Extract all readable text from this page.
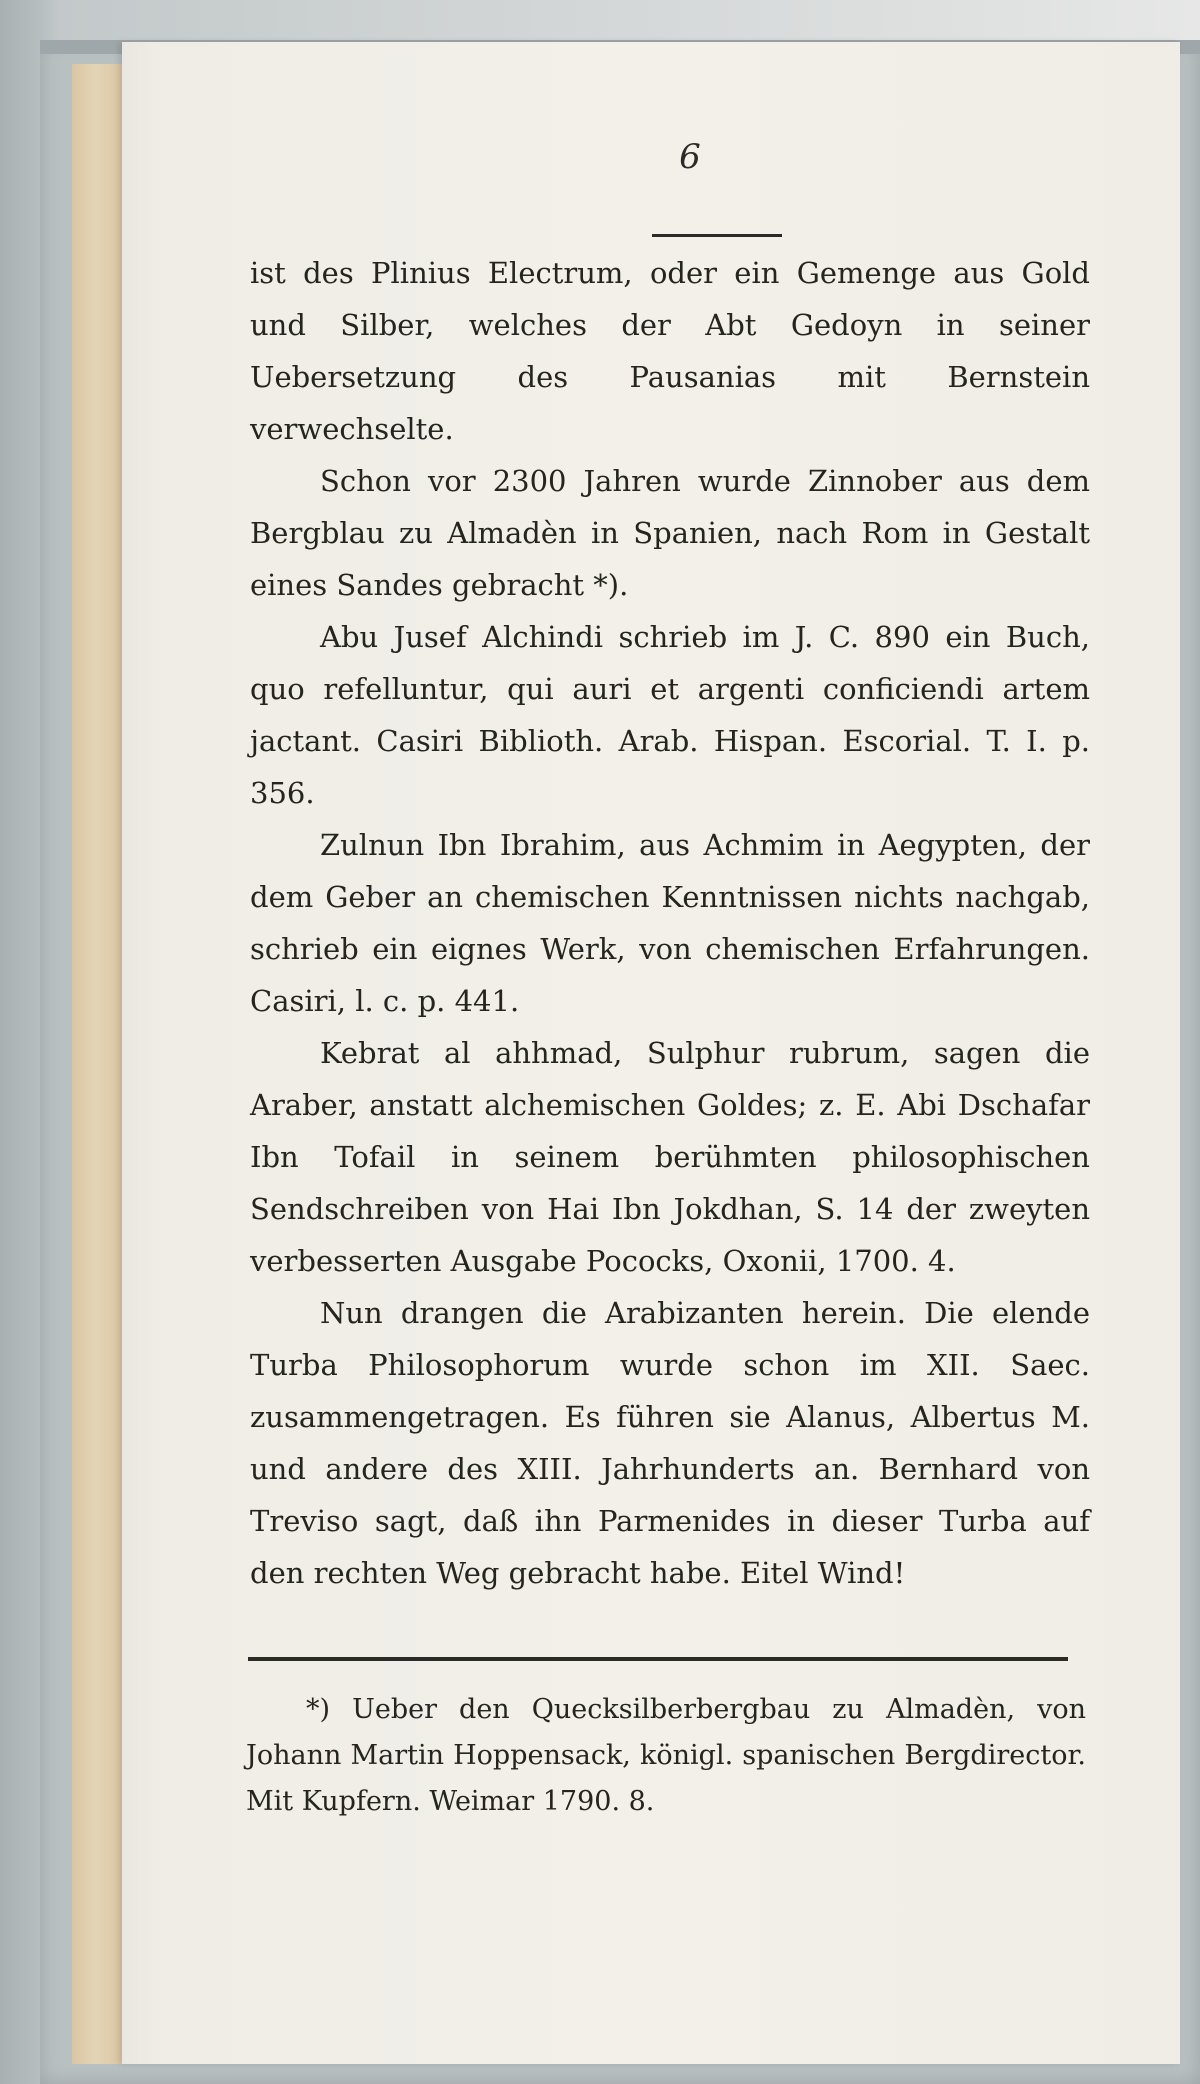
6

ist des Plinius Electrum, oder ein Gemenge aus Gold und Silber, welches der Abt Gedoyn in seiner Uebersetzung des Pausanias mit Bernstein verwechselte.

Schon vor 2300 Jahren wurde Zinnober aus dem Bergblau zu Almadèn in Spanien, nach Rom in Gestalt eines Sandes gebracht *).

Abu Jusef Alchindi schrieb im J. C. 890 ein Buch, quo refelluntur, qui auri et argenti conficiendi artem jactant. Casiri Biblioth. Arab. Hispan. Escorial. T. I. p. 356.

Zulnun Ibn Ibrahim, aus Achmim in Aegypten, der dem Geber an chemischen Kenntnissen nichts nachgab, schrieb ein eignes Werk, von chemischen Erfahrungen. Casiri, l. c. p. 441.

Kebrat al ahhmad, Sulphur rubrum, sagen die Araber, anstatt alchemischen Goldes; z. E. Abi Dschafar Ibn Tofail in seinem berühmten philosophischen Sendschreiben von Hai Ibn Jokdhan, S. 14 der zweyten verbesserten Ausgabe Pococks, Oxonii, 1700. 4.

Nun drangen die Arabizanten herein. Die elende Turba Philosophorum wurde schon im XII. Saec. zusammengetragen. Es führen sie Alanus, Albertus M. und andere des XIII. Jahrhunderts an. Bernhard von Treviso sagt, daß ihn Parmenides in dieser Turba auf den rechten Weg gebracht habe. Eitel Wind!

*) Ueber den Quecksilberbergbau zu Almadèn, von Johann Martin Hoppensack, königl. spanischen Bergdirector. Mit Kupfern. Weimar 1790. 8.
